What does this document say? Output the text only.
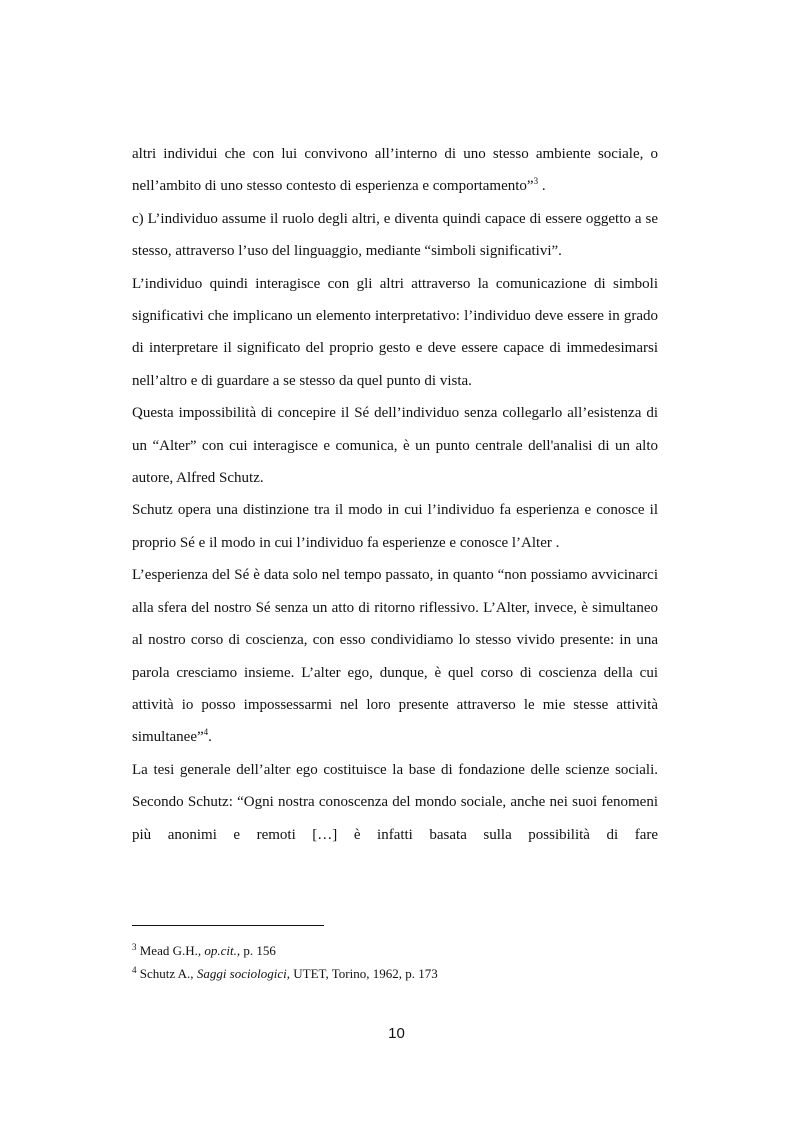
altri individui che con lui convivono all’interno di uno stesso ambiente sociale, o nell’ambito di uno stesso contesto di esperienza e comportamento”$^3$ .

c) L’individuo assume il ruolo degli altri, e diventa quindi capace di essere oggetto a se stesso, attraverso l’uso del linguaggio, mediante “simboli significativi”.

L’individuo quindi interagisce con gli altri attraverso la comunicazione di simboli significativi che implicano un elemento interpretativo: l’individuo deve essere in grado di interpretare il significato del proprio gesto e deve essere capace di immedesimarsi nell’altro e di guardare a se stesso da quel punto di vista.

Questa impossibilità di concepire il Sé dell’individuo senza collegarlo all’esistenza di un “Alter” con cui interagisce e comunica, è un punto centrale dell'analisi di un alto autore, Alfred Schutz.

Schutz opera una distinzione tra il modo in cui l’individuo fa esperienza e conosce il proprio Sé e il modo in cui l’individuo fa esperienze e conosce l’Alter .

L’esperienza del Sé è data solo nel tempo passato, in quanto “non possiamo avvicinarci alla sfera del nostro Sé senza un atto di ritorno riflessivo. L’Alter, invece, è simultaneo al nostro corso di coscienza, con esso condividiamo lo stesso vivido presente: in una parola cresciamo insieme. L’alter ego, dunque, è quel corso di coscienza della cui attività io posso impossessarmi nel loro presente attraverso le mie stesse attività simultanee”$^4$.

La tesi generale dell’alter ego costituisce la base di fondazione delle scienze sociali. Secondo Schutz: “Ogni nostra conoscenza del mondo sociale, anche nei suoi fenomeni più anonimi e remoti […] è infatti basata sulla possibilità di fare

$^3$ Mead G.H., op.cit., p. 156

$^4$ Schutz A., Saggi sociologici, UTET, Torino, 1962, p. 173

10
